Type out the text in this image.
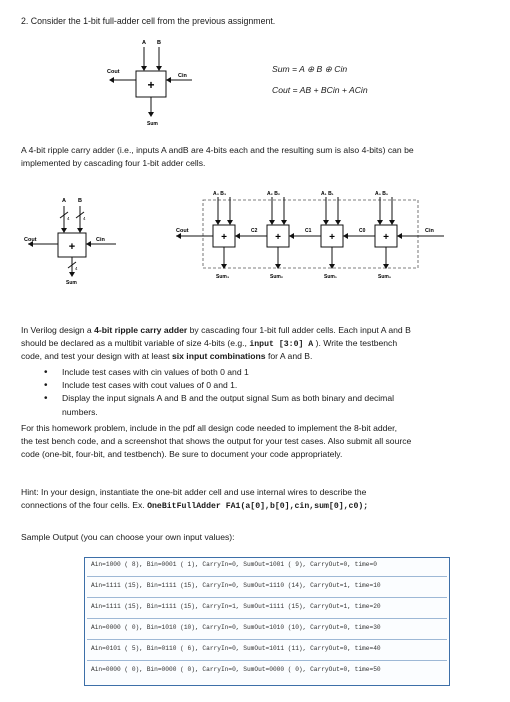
2. Consider the 1-bit full-adder cell from the previous assignment.
A B
+
Cout
Cin
Sum
Sum = A ⊕ B ⊕ Cin
Cout = AB + BCin + ACin
A 4-bit ripple carry adder (i.e., inputs A andB are 4-bits each and the resulting sum is also 4-bits) can be
implemented by cascading four 1-bit adder cells.
A B
4	4
+
Cout	Cin
4
Sum
A₃ B₃
+
Sum₃
A₂ B₂
+
Sum₂
A₁ B₁
+
Sum₁
A₀ B₀
+
Sum₀
Cout	C2	C1	C0	Cin
In Verilog design a 4-bit ripple carry adder by cascading four 1-bit full adder cells. Each input A and B
should be declared as a multibit variable of size 4-bits (e.g., input [3:0] A ). Write the testbench
code, and test your design with at least six input combinations for A and B.
• Include test cases with cin values of both 0 and 1
• Include test cases with cout values of 0 and 1.
• Display the input signals A and B and the output signal Sum as both binary and decimal
numbers.
For this homework problem, include in the pdf all design code needed to implement the 8-bit adder,
the test bench code, and a screenshot that shows the output for your test cases. Also submit all source
code (one-bit, four-bit, and testbench). Be sure to document your code appropriately.
Hint: In your design, instantiate the one-bit adder cell and use internal wires to describe the
connections of the four cells. Ex. OneBitFullAdder FA1(a[0],b[0],cin,sum[0],c0);
Sample Output (you can choose your own input values):
Ain=1000 ( 8), Bin=0001 ( 1), CarryIn=0, SumOut=1001 ( 9), CarryOut=0, time=0
Ain=1111 (15), Bin=1111 (15), CarryIn=0, SumOut=1110 (14), CarryOut=1, time=10
Ain=1111 (15), Bin=1111 (15), CarryIn=1, SumOut=1111 (15), CarryOut=1, time=20
Ain=0000 ( 0), Bin=1010 (10), CarryIn=0, SumOut=1010 (10), CarryOut=0, time=30
Ain=0101 ( 5), Bin=0110 ( 6), CarryIn=0, SumOut=1011 (11), CarryOut=0, time=40
Ain=0000 ( 0), Bin=0000 ( 0), CarryIn=0, SumOut=0000 ( 0), CarryOut=0, time=50
